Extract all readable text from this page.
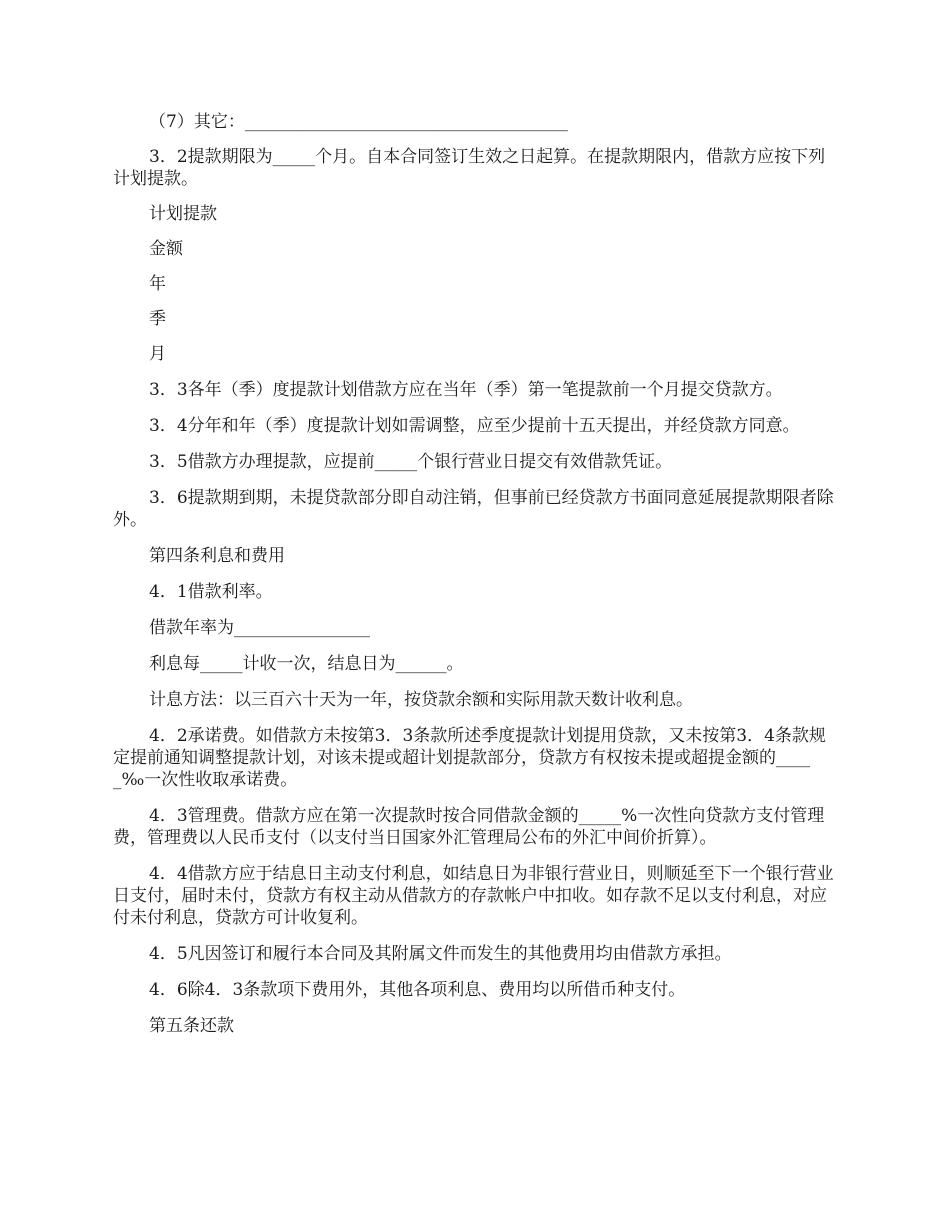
（7）其它：______________________________________

3．2提款期限为_____个月。自本合同签订生效之日起算。在提款期限内，借款方应按下列计划提款。

计划提款

金额

年

季

月

3．3各年（季）度提款计划借款方应在当年（季）第一笔提款前一个月提交贷款方。

3．4分年和年（季）度提款计划如需调整，应至少提前十五天提出，并经贷款方同意。

3．5借款方办理提款，应提前_____个银行营业日提交有效借款凭证。

3．6提款期到期，未提贷款部分即自动注销，但事前已经贷款方书面同意延展提款期限者除外。

第四条利息和费用

4．1借款利率。

借款年率为________________

利息每_____计收一次，结息日为______。

计息方法：以三百六十天为一年，按贷款余额和实际用款天数计收利息。

4．2承诺费。如借款方未按第3．3条款所述季度提款计划提用贷款，又未按第3．4条款规定提前通知调整提款计划，对该未提或超计划提款部分，贷款方有权按未提或超提金额的_____‰一次性收取承诺费。

4．3管理费。借款方应在第一次提款时按合同借款金额的_____%一次性向贷款方支付管理费，管理费以人民币支付（以支付当日国家外汇管理局公布的外汇中间价折算）。

4．4借款方应于结息日主动支付利息，如结息日为非银行营业日，则顺延至下一个银行营业日支付，届时未付，贷款方有权主动从借款方的存款帐户中扣收。如存款不足以支付利息，对应付未付利息，贷款方可计收复利。

4．5凡因签订和履行本合同及其附属文件而发生的其他费用均由借款方承担。

4．6除4．3条款项下费用外，其他各项利息、费用均以所借币种支付。

第五条还款
